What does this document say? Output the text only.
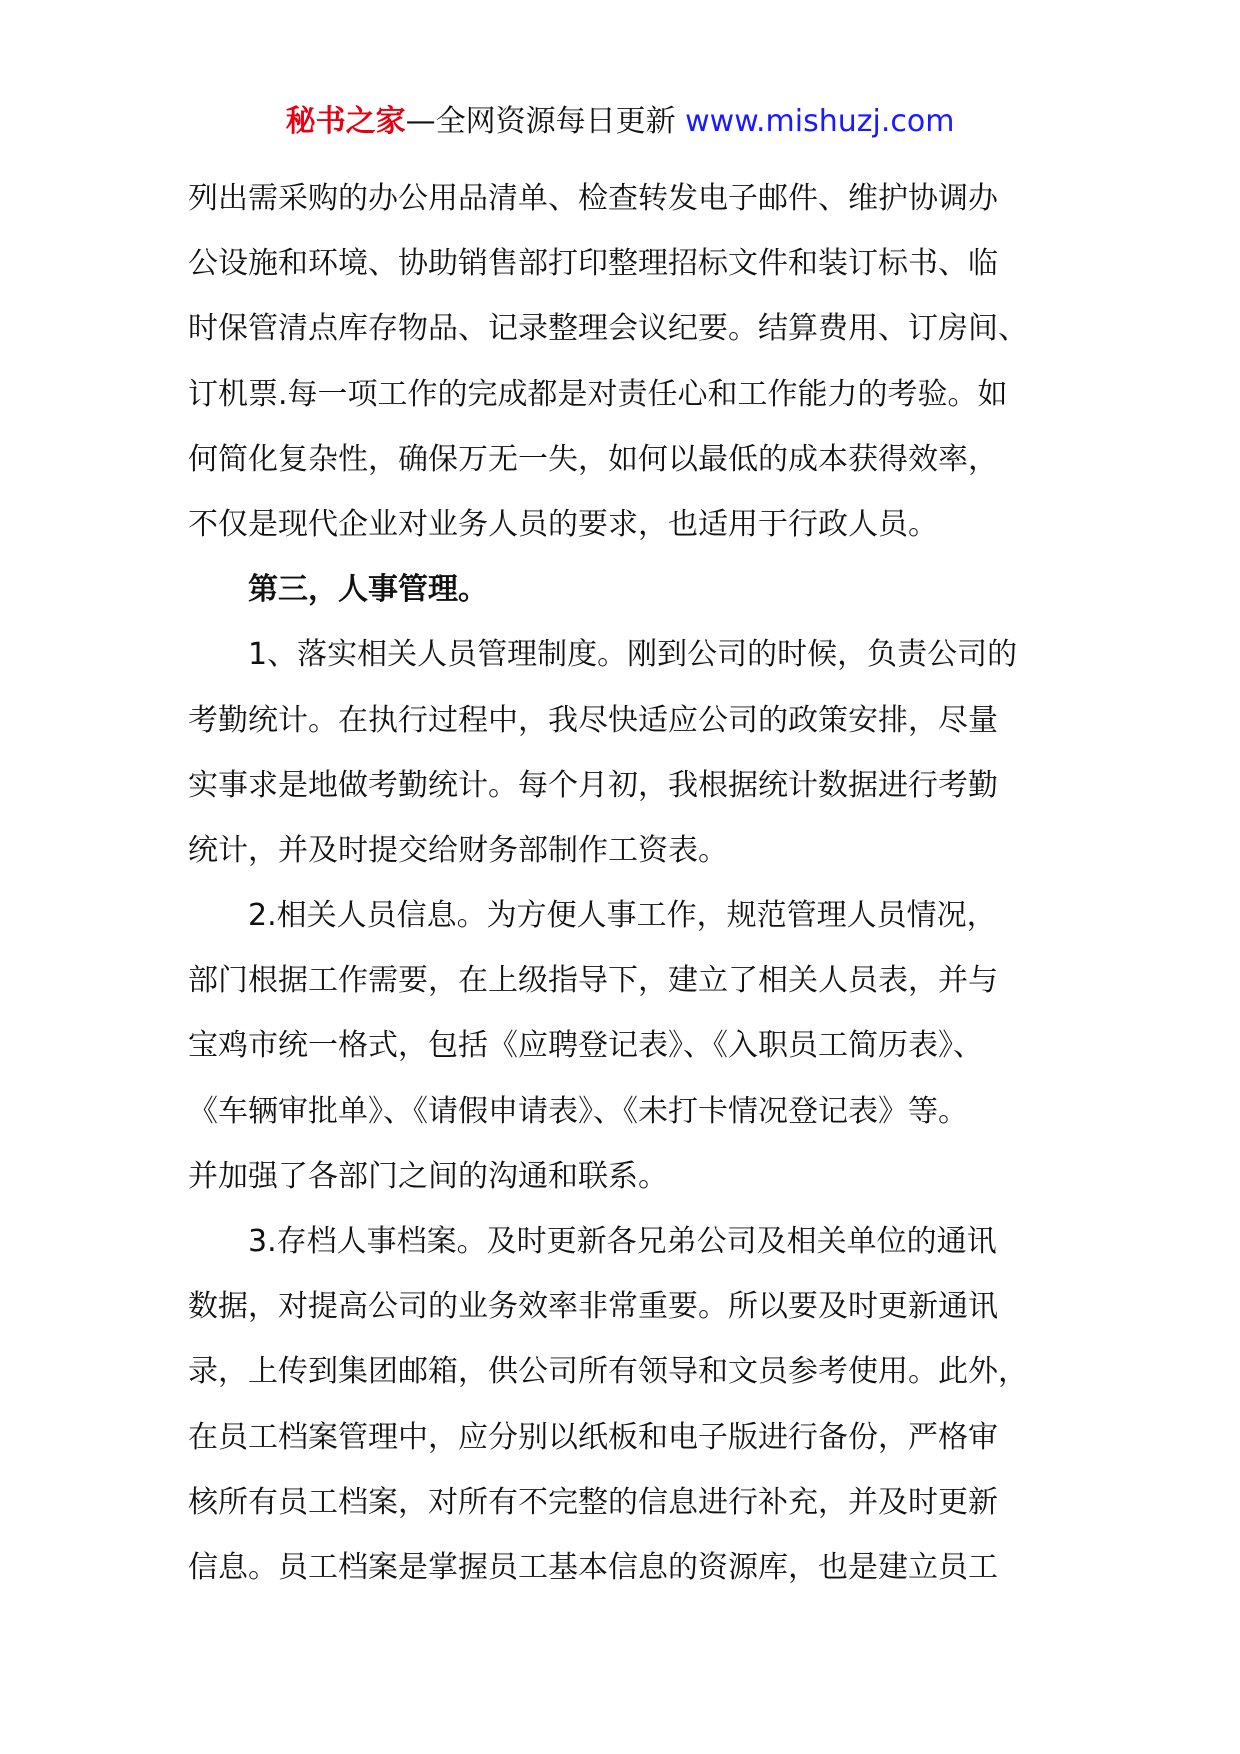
秘书之家—全网资源每日更新 www.mishuzj.com
列出需采购的办公用品清单、检查转发电子邮件、维护协调办
公设施和环境、协助销售部打印整理招标文件和装订标书、临
时保管清点库存物品、记录整理会议纪要。结算费用、订房间、
订机票.每一项工作的完成都是对责任心和工作能力的考验。如
何简化复杂性，确保万无一失，如何以最低的成本获得效率，
不仅是现代企业对业务人员的要求，也适用于行政人员。
第三，人事管理。
1、落实相关人员管理制度。刚到公司的时候，负责公司的
考勤统计。在执行过程中，我尽快适应公司的政策安排，尽量
实事求是地做考勤统计。每个月初，我根据统计数据进行考勤
统计，并及时提交给财务部制作工资表。
2.相关人员信息。为方便人事工作，规范管理人员情况，
部门根据工作需要，在上级指导下，建立了相关人员表，并与
宝鸡市统一格式，包括《应聘登记表》、《入职员工简历表》、
《车辆审批单》、《请假申请表》、《未打卡情况登记表》等。
并加强了各部门之间的沟通和联系。
3.存档人事档案。及时更新各兄弟公司及相关单位的通讯
数据，对提高公司的业务效率非常重要。所以要及时更新通讯
录，上传到集团邮箱，供公司所有领导和文员参考使用。此外，
在员工档案管理中，应分别以纸板和电子版进行备份，严格审
核所有员工档案，对所有不完整的信息进行补充，并及时更新
信息。员工档案是掌握员工基本信息的资源库，也是建立员工
